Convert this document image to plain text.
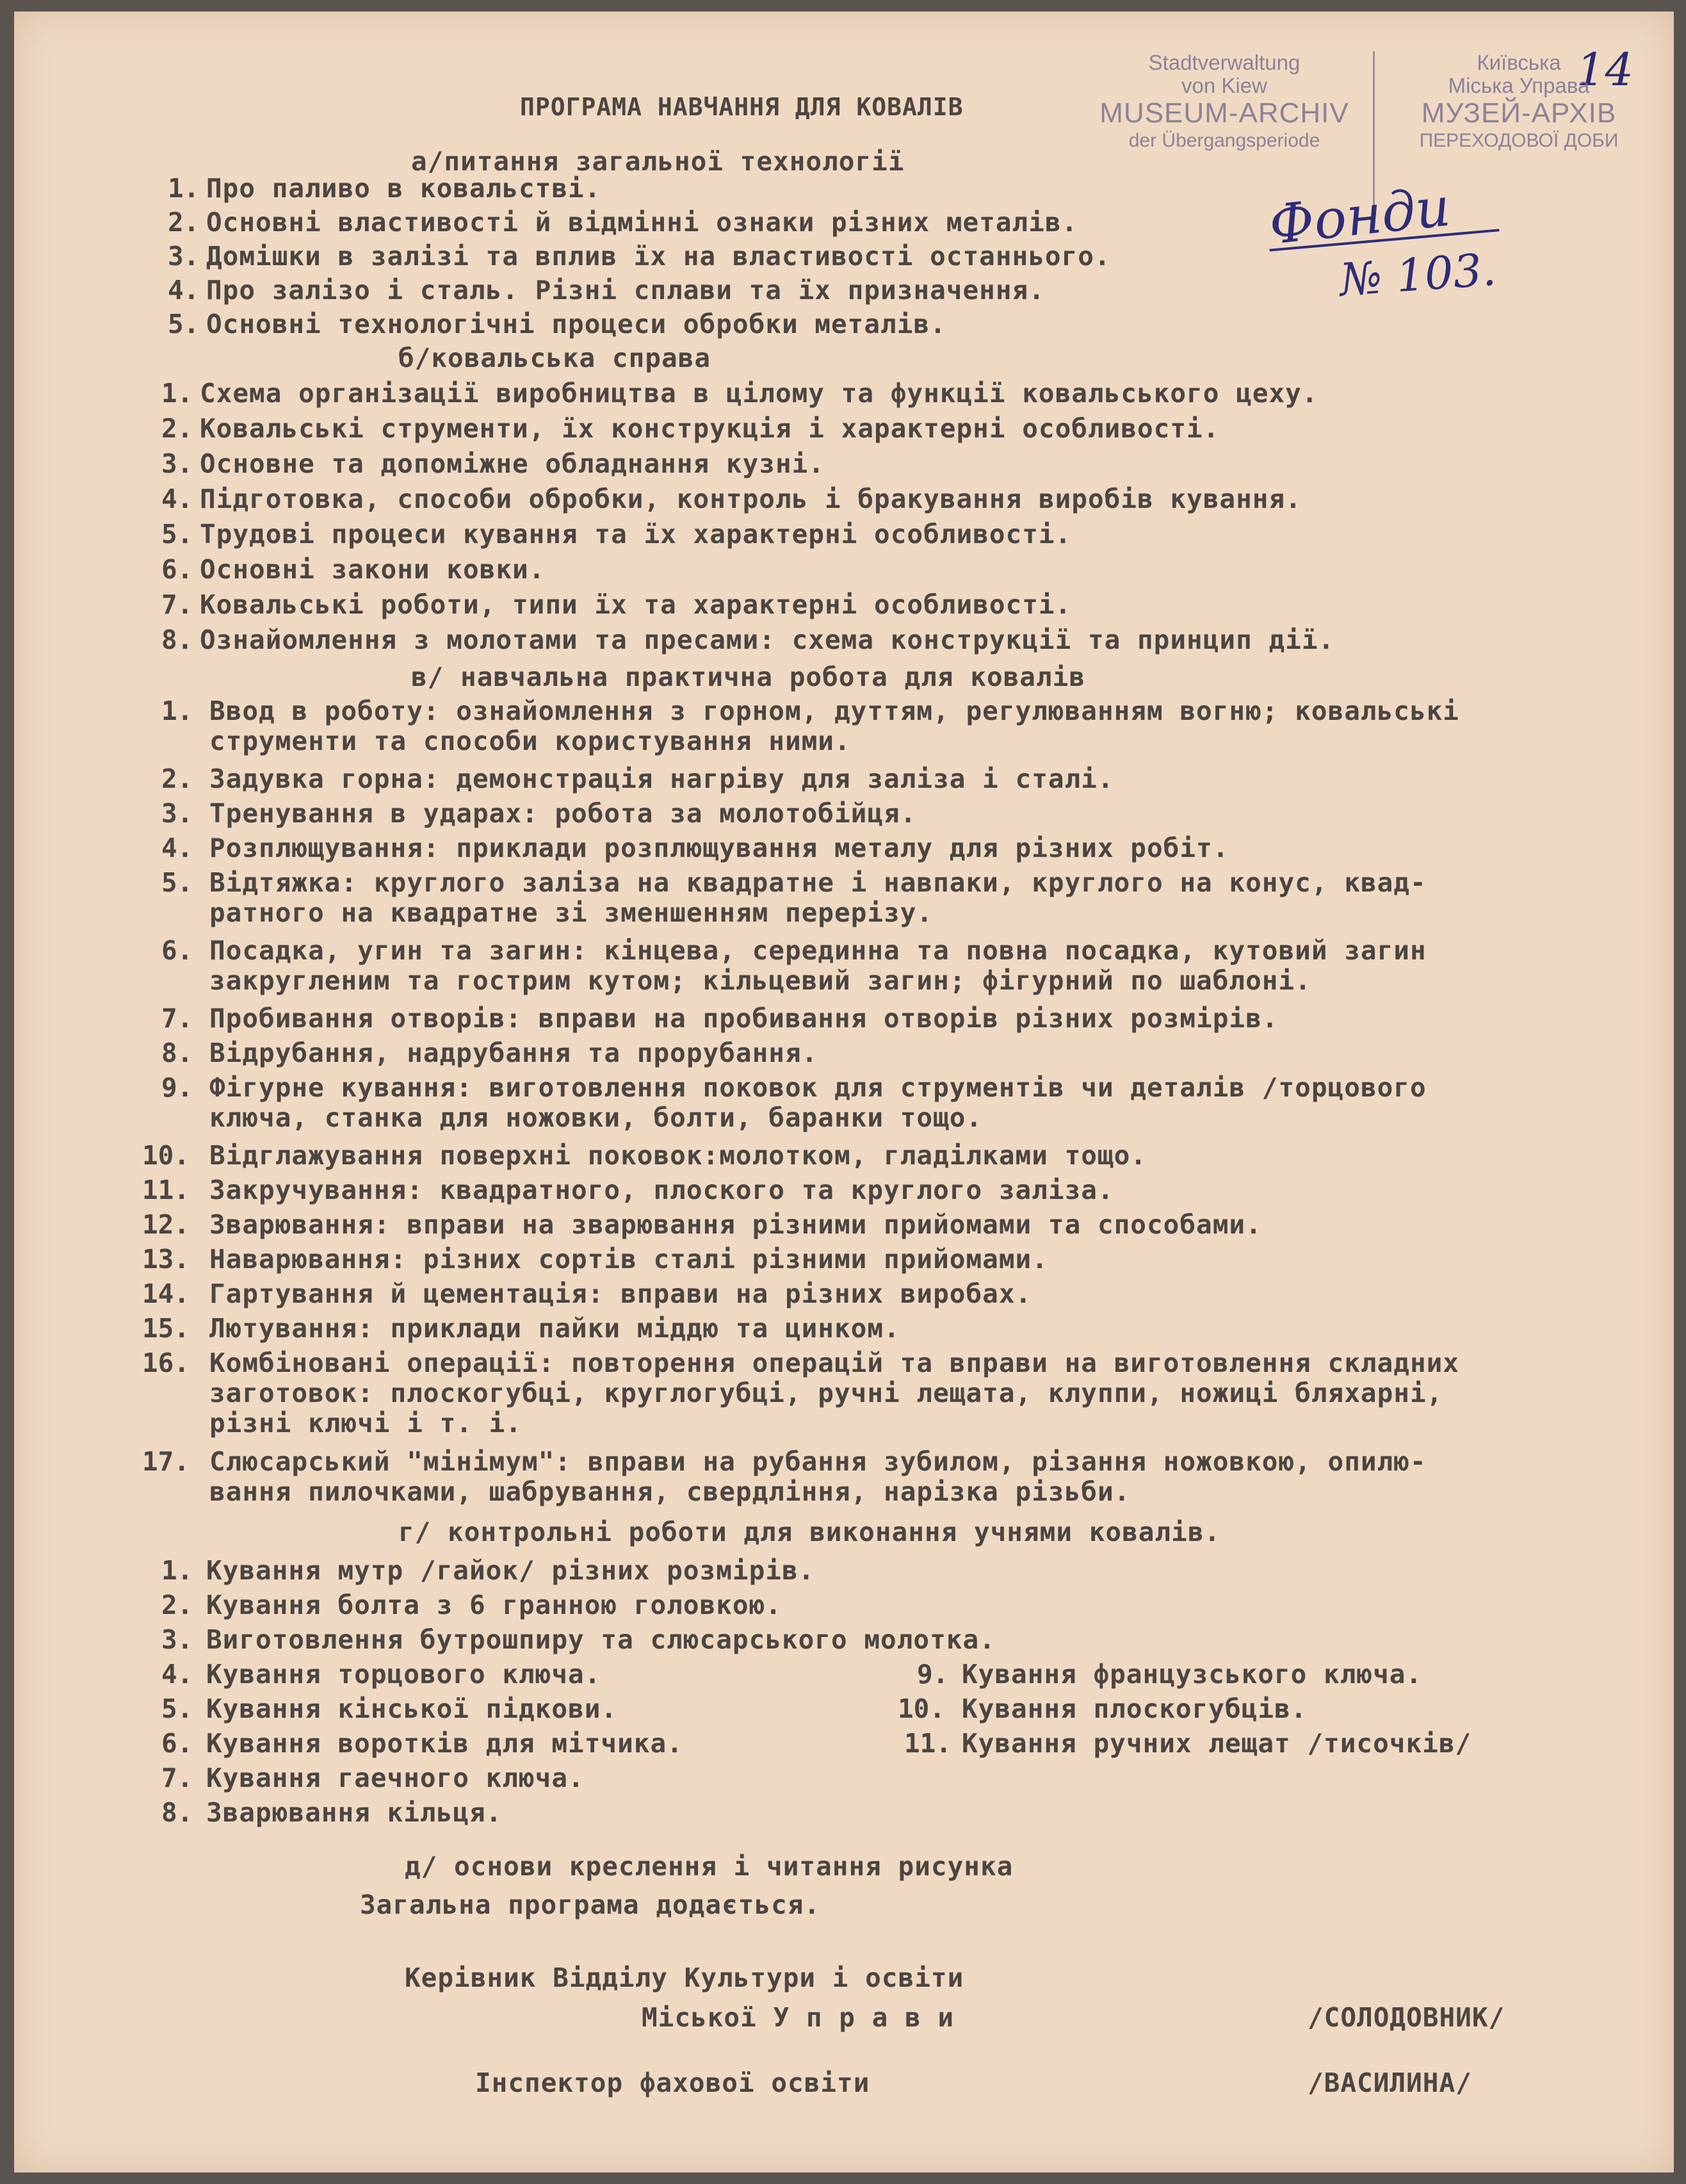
14
Stadtverwaltung
von Kiew
MUSEUM-ARCHIV
der Übergangsperiode
Київська
Міська Управа
МУЗЕЙ-АРХІВ
ПЕРЕХОДОВОЇ ДОБИ
Фонди
№ 103.
ПРОГРАМА НАВЧАННЯ ДЛЯ КОВАЛІВ
а/питання загальної технології
1. Про паливо в ковальстві.
2. Основні властивості й відмінні ознаки різних металів.
3. Домішки в залізі та вплив їх на властивості останнього.
4. Про залізо і сталь. Різні сплави та їх призначення.
5. Основні технологічні процеси обробки металів.
б/ковальська справа
1. Схема організації виробництва в цілому та функції ковальського цеху.
2. Ковальські струменти, їх конструкція і характерні особливості.
3. Основне та допоміжне обладнання кузні.
4. Підготовка, способи обробки, контроль і бракування виробів кування.
5. Трудові процеси кування та їх характерні особливості.
6. Основні закони ковки.
7. Ковальські роботи, типи їх та характерні особливості.
8. Ознайомлення з молотами та пресами: схема конструкції та принцип дії.
в/ навчальна практична робота для ковалів
1. Ввод в роботу: ознайомлення з горном, дуттям, регулюванням вогню; ковальські
струменти та способи користування ними.
2. Задувка горна: демонстрація нагріву для заліза і сталі.
3. Тренування в ударах: робота за молотобійця.
4. Розплющування: приклади розплющування металу для різних робіт.
5. Відтяжка: круглого заліза на квадратне і навпаки, круглого на конус, квад-
ратного на квадратне зі зменшенням перерізу.
6. Посадка, угин та загин: кінцева, серединна та повна посадка, кутовий загин
закругленим та гострим кутом; кільцевий загин; фігурний по шаблоні.
7. Пробивання отворів: вправи на пробивання отворів різних розмірів.
8. Відрубання, надрубання та прорубання.
9. Фігурне кування: виготовлення поковок для струментів чи деталів /торцового
ключа, станка для ножовки, болти, баранки тощо.
10. Відглажування поверхні поковок:молотком, гладілками тощо.
11. Закручування: квадратного, плоского та круглого заліза.
12. Зварювання: вправи на зварювання різними прийомами та способами.
13. Наварювання: різних сортів сталі різними прийомами.
14. Гартування й цементація: вправи на різних виробах.
15. Лютування: приклади пайки міддю та цинком.
16. Комбіновані операції: повторення операцій та вправи на виготовлення складних
заготовок: плоскогубці, круглогубці, ручні лещата, клуппи, ножиці бляхарні,
різні ключі і т. і.
17. Слюсарський "мінімум": вправи на рубання зубилом, різання ножовкою, опилю-
вання пилочками, шабрування, свердління, нарізка різьби.
г/ контрольні роботи для виконання учнями ковалів.
1. Кування мутр /гайок/ різних розмірів.
2. Кування болта з 6 гранною головкою.
3. Виготовлення бутрошпиру та слюсарського молотка.
4. Кування торцового ключа.
5. Кування кінської підкови.
6. Кування воротків для мітчика.
7. Кування гаечного ключа.
8. Зварювання кільця.
9. Кування французського ключа.
10. Кування плоскогубців.
11. Кування ручних лещат /тисочків/
д/ основи креслення і читання рисунка
Загальна програма додається.
Керівник Відділу Культури і освіти
Міської У п р а в и	/СОЛОДОВНИК/
Інспектор фахової освіти	/ВАСИЛИНА/
